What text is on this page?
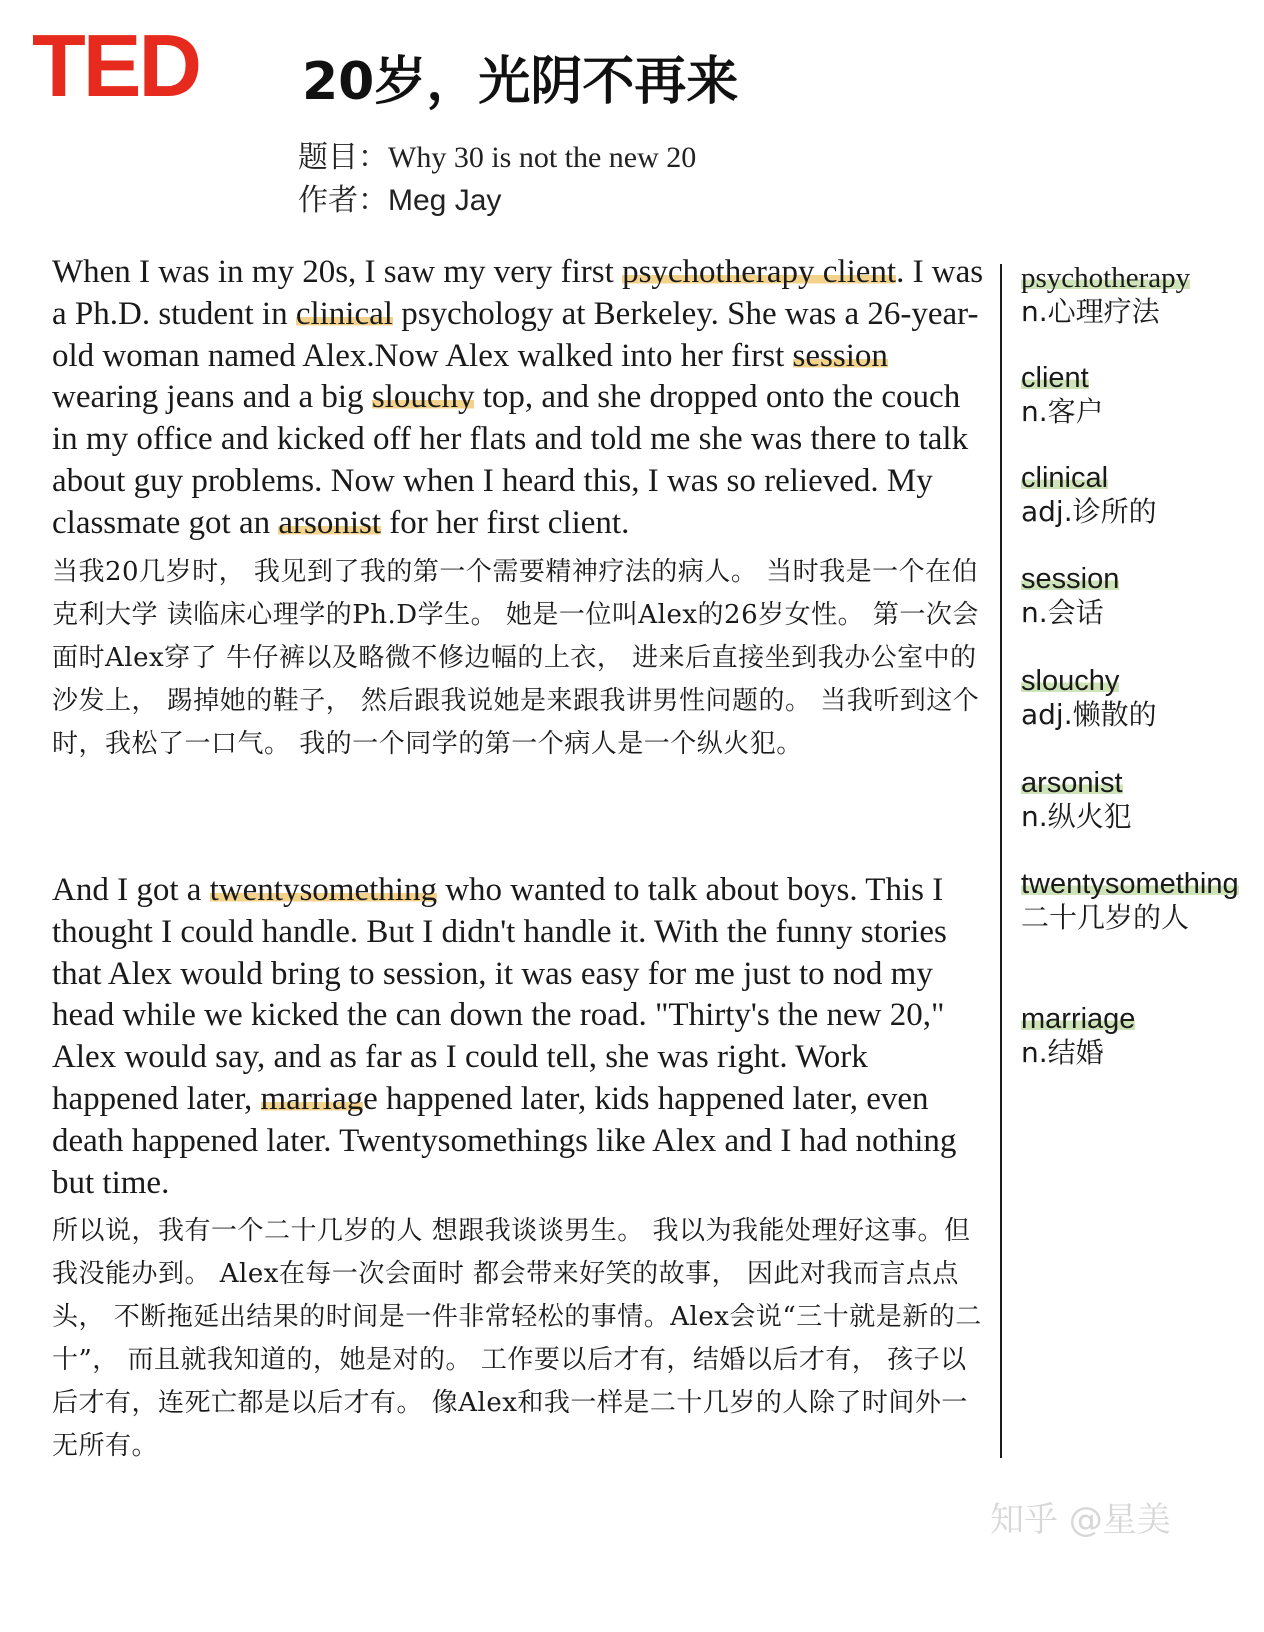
TED 20岁，光阴不再来
题目：Why 30 is not the new 20
作者：Meg Jay

When I was in my 20s, I saw my very first psychotherapy client. I was a Ph.D. student in clinical psychology at Berkeley. She was a 26-year-old woman named Alex.Now Alex walked into her first session wearing jeans and a big slouchy top, and she dropped onto the couch in my office and kicked off her flats and told me she was there to talk about guy problems. Now when I heard this, I was so relieved. My classmate got an arsonist for her first client.

当我20几岁时， 我见到了我的第一个需要精神疗法的病人。 当时我是一个在伯克利大学 读临床心理学的Ph.D学生。 她是一位叫Alex的26岁女性。 第一次会面时Alex穿了 牛仔裤以及略微不修边幅的上衣， 进来后直接坐到我办公室中的沙发上， 踢掉她的鞋子， 然后跟我说她是来跟我讲男性问题的。 当我听到这个时，我松了一口气。 我的一个同学的第一个病人是一个纵火犯。

And I got a twentysomething who wanted to talk about boys. This I thought I could handle. But I didn't handle it. With the funny stories that Alex would bring to session, it was easy for me just to nod my head while we kicked the can down the road. "Thirty's the new 20," Alex would say, and as far as I could tell, she was right. Work happened later, marriage happened later, kids happened later, even death happened later. Twentysomethings like Alex and I had nothing but time.

所以说，我有一个二十几岁的人 想跟我谈谈男生。 我以为我能处理好这事。但我没能办到。 Alex在每一次会面时 都会带来好笑的故事， 因此对我而言点点头， 不断拖延出结果的时间是一件非常轻松的事情。Alex会说“三十就是新的二十”， 而且就我知道的，她是对的。 工作要以后才有，结婚以后才有， 孩子以后才有，连死亡都是以后才有。 像Alex和我一样是二十几岁的人除了时间外一无所有。

psychotherapy
n.心理疗法
client
n.客户
clinical
adj.诊所的
session
n.会话
slouchy
adj.懒散的
arsonist
n.纵火犯
twentysomething
二十几岁的人
marriage
n.结婚
知乎 @星美
